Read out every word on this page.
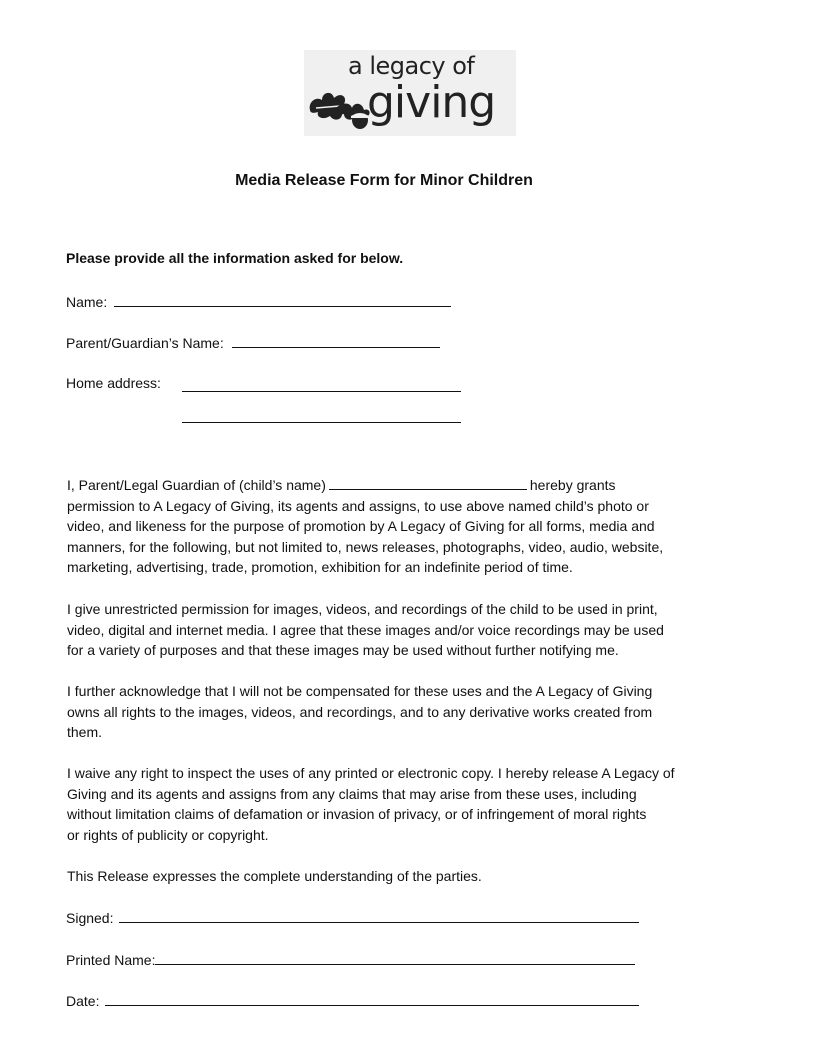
a legacy of
giving
Media Release Form for Minor Children
Please provide all the information asked for below.
Name:
Parent/Guardian’s Name:
Home address:

I, Parent/Legal Guardian of (child’s name)	hereby grants

permission to A Legacy of Giving, its agents and assigns, to use above named child’s photo or

video, and likeness for the purpose of promotion by A Legacy of Giving for all forms, media and

manners, for the following, but not limited to, news releases, photographs, video, audio, website,

marketing, advertising, trade, promotion, exhibition for an indefinite period of time.

I give unrestricted permission for images, videos, and recordings of the child to be used in print,

video, digital and internet media. I agree that these images and/or voice recordings may be used

for a variety of purposes and that these images may be used without further notifying me.

I further acknowledge that I will not be compensated for these uses and the A Legacy of Giving

owns all rights to the images, videos, and recordings, and to any derivative works created from

them.

I waive any right to inspect the uses of any printed or electronic copy. I hereby release A Legacy of

Giving and its agents and assigns from any claims that may arise from these uses, including

without limitation claims of defamation or invasion of privacy, or of infringement of moral rights

or rights of publicity or copyright.

This Release expresses the complete understanding of the parties.

Signed:
Printed Name:
Date:
